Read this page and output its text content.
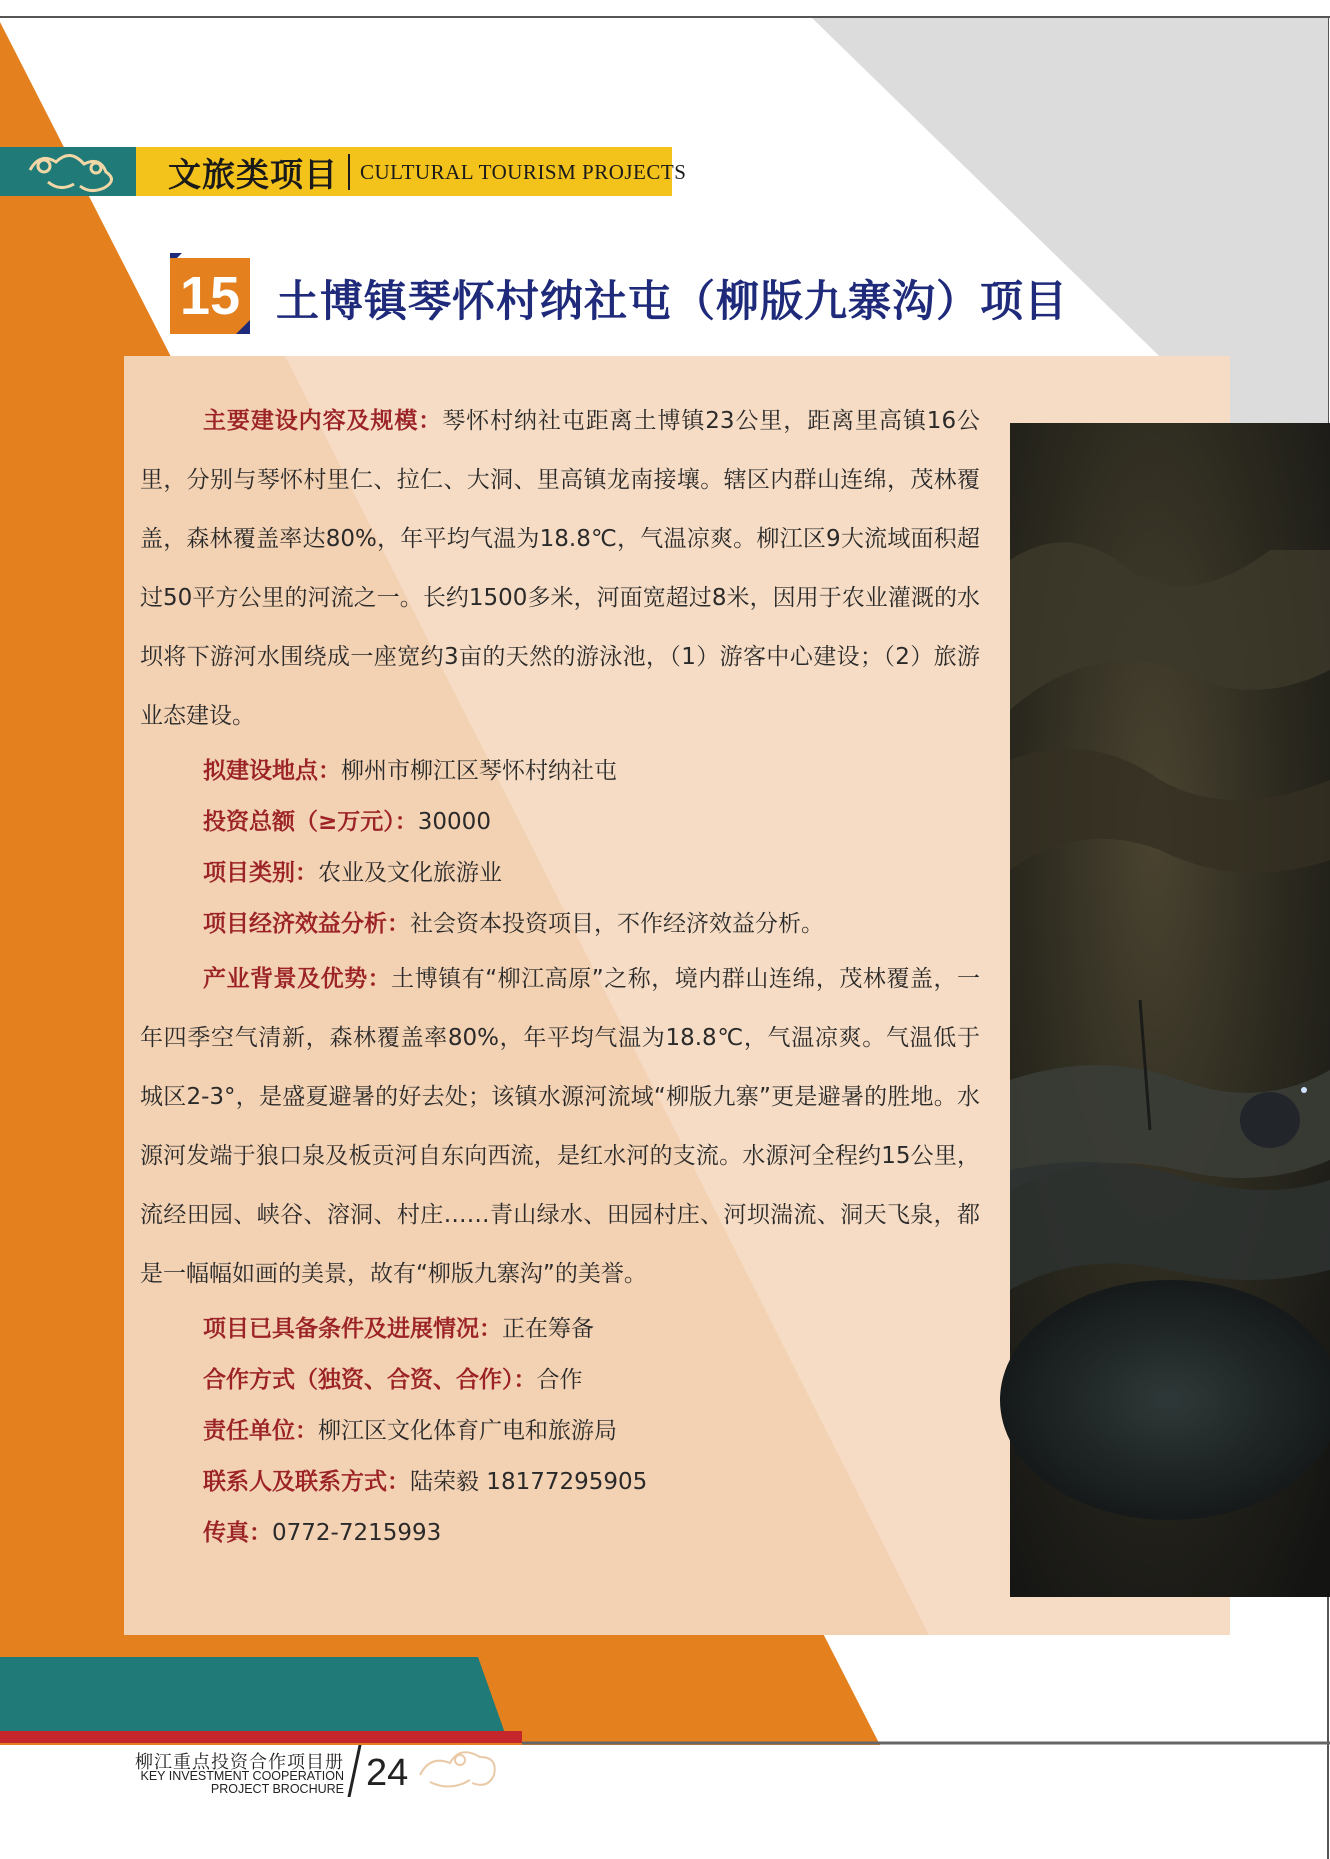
文旅类项目 CULTURAL TOURISM PROJECTS
15 土博镇琴怀村纳社屯（柳版九寨沟）项目

主要建设内容及规模：琴怀村纳社屯距离土博镇23公里，距离里高镇16公里，分别与琴怀村里仁、拉仁、大洞、里高镇龙南接壤。辖区内群山连绵，茂林覆盖，森林覆盖率达80%，年平均气温为18.8℃，气温凉爽。柳江区9大流域面积超过50平方公里的河流之一。长约1500多米，河面宽超过8米，因用于农业灌溉的水坝将下游河水围绕成一座宽约3亩的天然的游泳池，（1）游客中心建设；（2）旅游业态建设。

拟建设地点：柳州市柳江区琴怀村纳社屯

投资总额（≥万元）：30000

项目类别：农业及文化旅游业

项目经济效益分析：社会资本投资项目，不作经济效益分析。

产业背景及优势：土博镇有“柳江高原”之称，境内群山连绵，茂林覆盖，一年四季空气清新，森林覆盖率80%，年平均气温为18.8℃，气温凉爽。气温低于城区2-3°，是盛夏避暑的好去处；该镇水源河流域“柳版九寨”更是避暑的胜地。水源河发端于狼口泉及板贡河自东向西流，是红水河的支流。水源河全程约15公里，流经田园、峡谷、溶洞、村庄……青山绿水、田园村庄、河坝湍流、洞天飞泉，都是一幅幅如画的美景，故有“柳版九寨沟”的美誉。

项目已具备条件及进展情况：正在筹备

合作方式（独资、合资、合作）：合作

责任单位：柳江区文化体育广电和旅游局

联系人及联系方式：陆荣毅 18177295905

传真：0772-7215993

柳江重点投资合作项目册
KEY INVESTMENT COOPERATION
PROJECT BROCHURE 24
